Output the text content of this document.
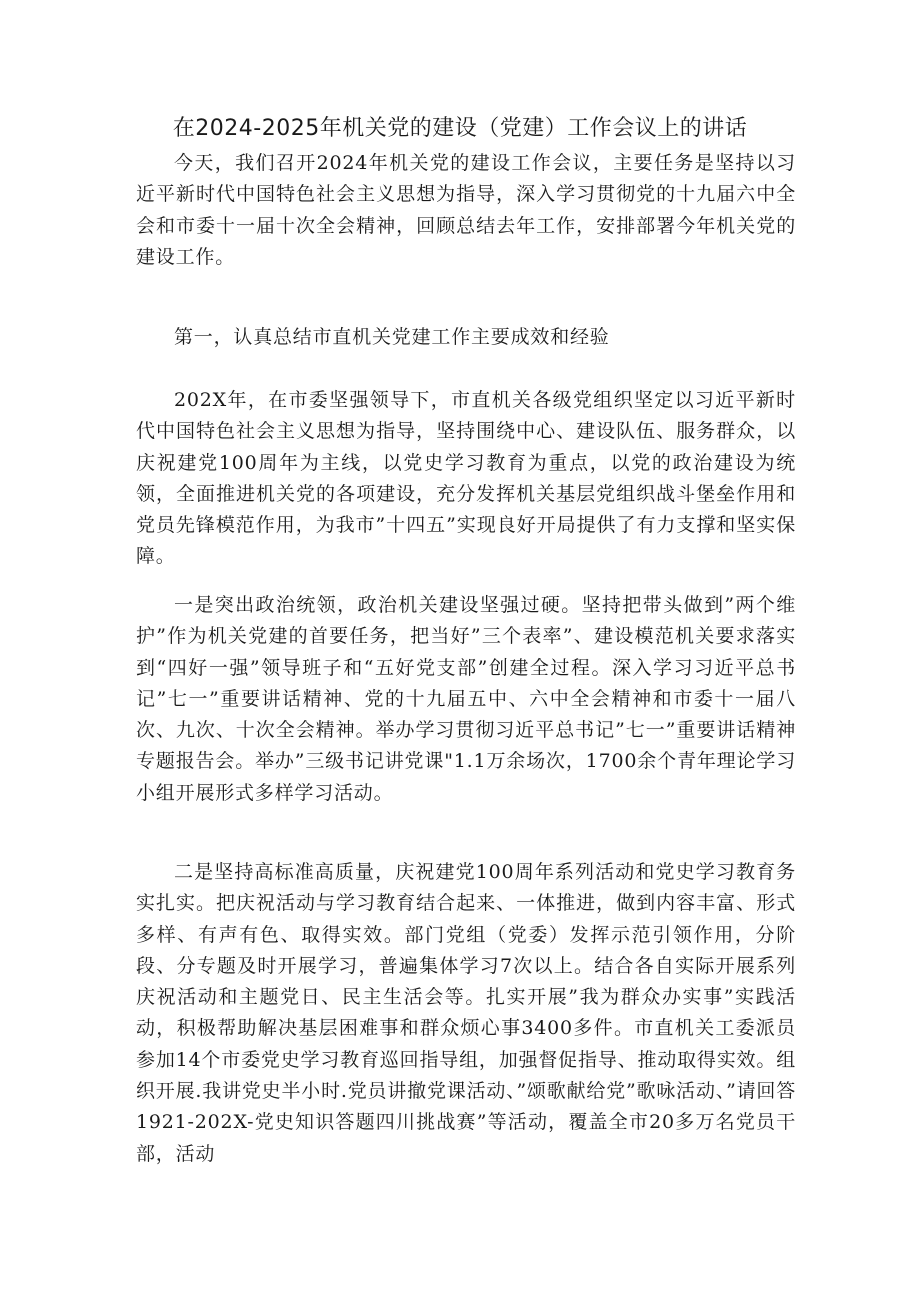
在2024-2025年机关党的建设（党建）工作会议上的讲话

今天，我们召开2024年机关党的建设工作会议，主要任务是坚持以习近平新时代中国特色社会主义思想为指导，深入学习贯彻党的十九届六中全会和市委十一届十次全会精神，回顾总结去年工作，安排部署今年机关党的建设工作。

第一，认真总结市直机关党建工作主要成效和经验

202X年，在市委坚强领导下，市直机关各级党组织坚定以习近平新时代中国特色社会主义思想为指导，坚持围绕中心、建设队伍、服务群众，以庆祝建党100周年为主线，以党史学习教育为重点，以党的政治建设为统领，全面推进机关党的各项建设，充分发挥机关基层党组织战斗堡垒作用和党员先锋模范作用，为我市”十四五”实现良好开局提供了有力支撑和坚实保障。

一是突出政治统领，政治机关建设坚强过硬。坚持把带头做到”两个维护”作为机关党建的首要任务，把当好”三个表率”、建设模范机关要求落实到“四好一强”领导班子和“五好党支部”创建全过程。深入学习习近平总书记”七一”重要讲话精神、党的十九届五中、六中全会精神和市委十一届八次、九次、十次全会精神。举办学习贯彻习近平总书记”七一”重要讲话精神专题报告会。举办”三级书记讲党课"1.1万余场次，1700余个青年理论学习小组开展形式多样学习活动。

二是坚持高标准高质量，庆祝建党100周年系列活动和党史学习教育务实扎实。把庆祝活动与学习教育结合起来、一体推进，做到内容丰富、形式多样、有声有色、取得实效。部门党组（党委）发挥示范引领作用，分阶段、分专题及时开展学习，普遍集体学习7次以上。结合各自实际开展系列庆祝活动和主题党日、民主生活会等。扎实开展”我为群众办实事”实践活动，积极帮助解决基层困难事和群众烦心事3400多件。市直机关工委派员参加14个市委党史学习教育巡回指导组，加强督促指导、推动取得实效。组织开展.我讲党史半小时.党员讲撤党课活动、”颂歌献给党”歌咏活动、”请回答1921-202X-党史知识答题四川挑战赛”等活动，覆盖全市20多万名党员干部，活动
